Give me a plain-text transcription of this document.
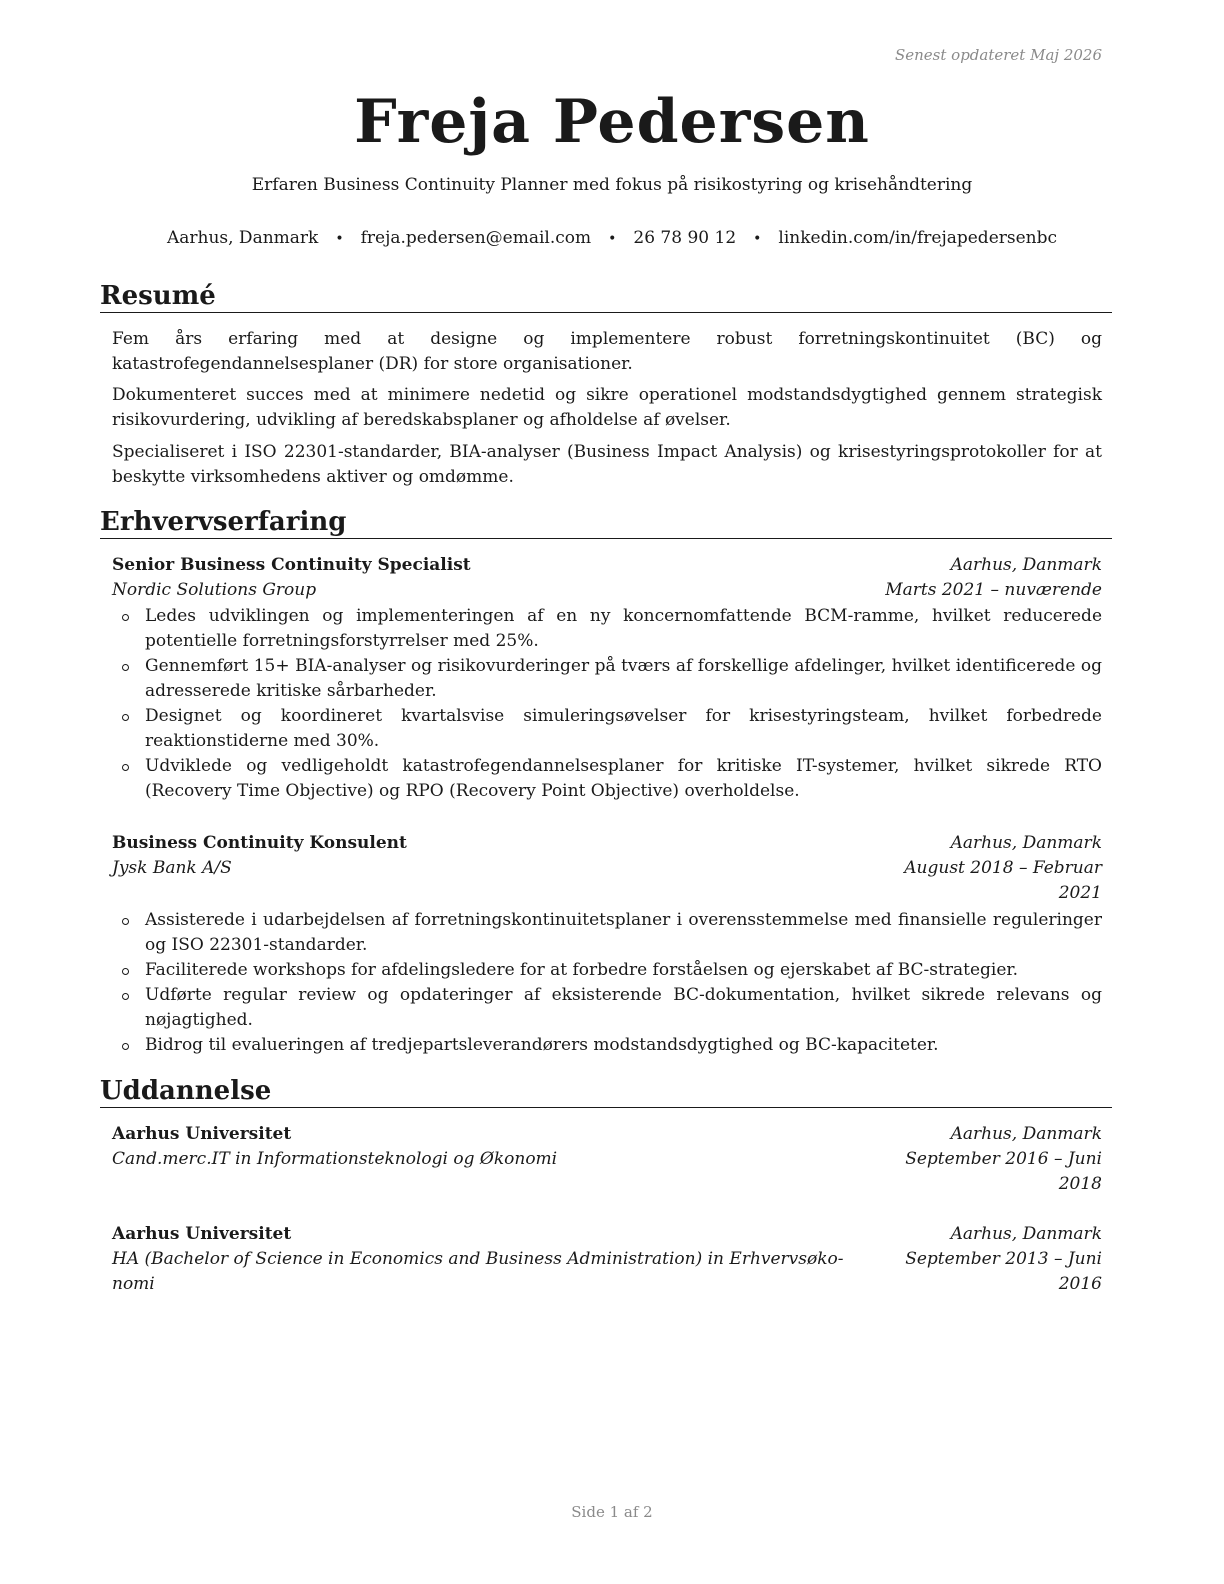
Senest opdateret Maj 2026
Freja Pedersen
Erfaren Business Continuity Planner med fokus på risikostyring og krisehåndtering
Aarhus, Danmark • freja.pedersen@email.com • 26 78 90 12 • linkedin.com/in/frejapedersenbc
Resumé
Fem års erfaring med at designe og implementere robust forretningskontinuitet (BC) og katastrofegendannelsesplaner (DR) for store organisationer.
Dokumenteret succes med at minimere nedetid og sikre operationel modstandsdygtighed gennem strategisk risikovurdering, udvikling af beredskabsplaner og afholdelse af øvelser.
Specialiseret i ISO 22301-standarder, BIA-analyser (Business Impact Analysis) og krisestyringsprotokoller for at beskytte virksomhedens aktiver og omdømme.
Erhvervserfaring
Senior Business Continuity Specialist	Aarhus, Danmark
Nordic Solutions Group	Marts 2021 – nuværende
Ledes udviklingen og implementeringen af en ny koncernomfattende BCM-ramme, hvilket reducerede potentielle forretningsforstyrrelser med 25%.
Gennemført 15+ BIA-analyser og risikovurderinger på tværs af forskellige afdelinger, hvilket identificerede og adresserede kritiske sårbarheder.
Designet og koordineret kvartalsvise simuleringsøvelser for krisestyringsteam, hvilket forbedrede reaktionstiderne med 30%.
Udviklede og vedligeholdt katastrofegendannelsesplaner for kritiske IT-systemer, hvilket sikrede RTO (Recovery Time Objective) og RPO (Recovery Point Objective) overholdelse.
Business Continuity Konsulent	Aarhus, Danmark
Jysk Bank A/S	August 2018 – Februar
2021
Assisterede i udarbejdelsen af forretningskontinuitetsplaner i overensstemmelse med finansielle reguleringer og ISO 22301-standarder.
Faciliterede workshops for afdelingsledere for at forbedre forståelsen og ejerskabet af BC-strategier.
Udførte regular review og opdateringer af eksisterende BC-dokumentation, hvilket sikrede relevans og nøjagtighed.
Bidrog til evalueringen af tredjepartsleverandørers modstandsdygtighed og BC-kapaciteter.
Uddannelse
Aarhus Universitet	Aarhus, Danmark
Cand.merc.IT in Informationsteknologi og Økonomi	September 2016 – Juni
2018
Aarhus Universitet	Aarhus, Danmark
HA (Bachelor of Science in Economics and Business Administration) in Erhvervsøko-	September 2013 – Juni
nomi	2016
Side 1 af 2
